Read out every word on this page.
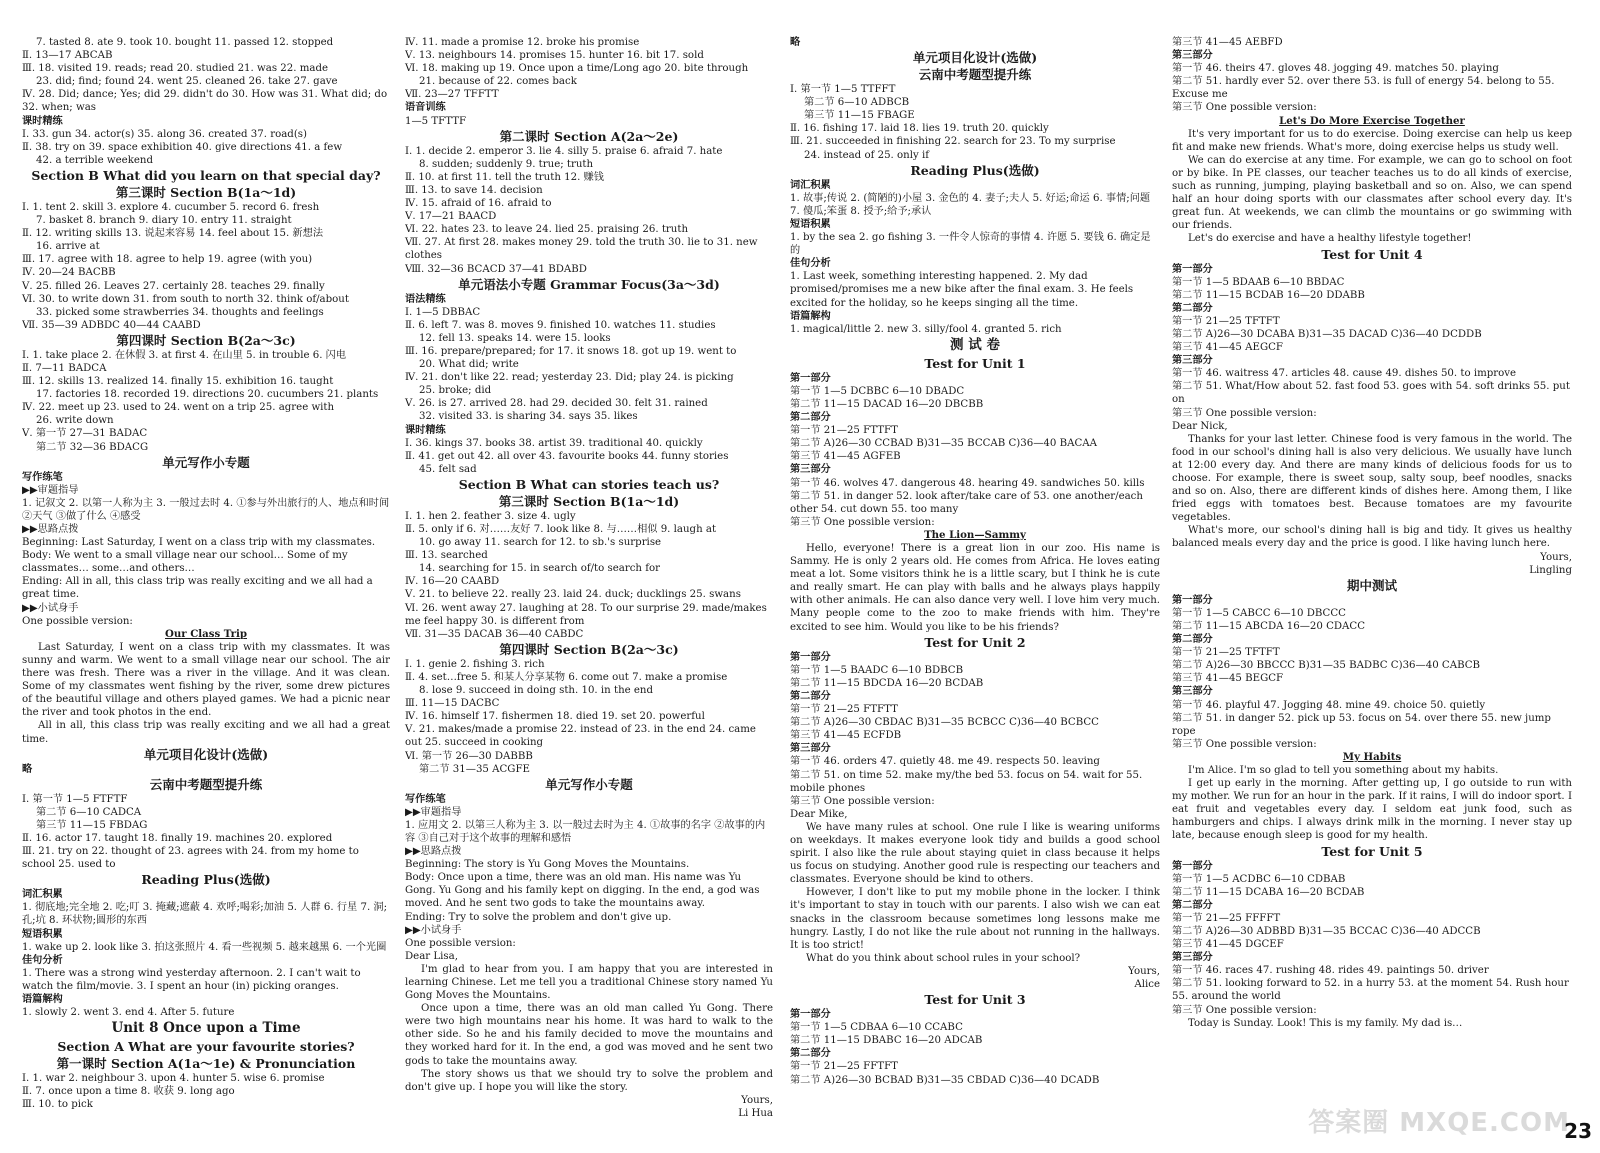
7. tasted 8. ate 9. took 10. bought 11. passed 12. stopped
Ⅱ. 13—17 ABCAB
Ⅲ. 18. visited 19. reads; read 20. studied 21. was 22. made
23. did; find; found 24. went 25. cleaned 26. take 27. gave
Ⅳ. 28. Did; dance; Yes; did 29. didn't do 30. How was 31. What did; do 32. when; was
课时精练
Ⅰ. 33. gun 34. actor(s) 35. along 36. created 37. road(s)
Ⅱ. 38. try on 39. space exhibition 40. give directions 41. a few
42. a terrible weekend
Section B What did you learn on that special day?
第三课时 Section B(1a～1d)
Ⅰ. 1. tent 2. skill 3. explore 4. cucumber 5. record 6. fresh
7. basket 8. branch 9. diary 10. entry 11. straight
Ⅱ. 12. writing skills 13. 说起来容易 14. feel about 15. 新想法
16. arrive at
Ⅲ. 17. agree with 18. agree to help 19. agree (with you)
Ⅳ. 20—24 BACBB
Ⅴ. 25. filled 26. Leaves 27. certainly 28. teaches 29. finally
Ⅵ. 30. to write down 31. from south to north 32. think of/about
33. picked some strawberries 34. thoughts and feelings
Ⅶ. 35—39 ADBDC 40—44 CAABD
第四课时 Section B(2a～3c)
Ⅰ. 1. take place 2. 在休假 3. at first 4. 在山里 5. in trouble 6. 闪电
Ⅱ. 7—11 BADCA
Ⅲ. 12. skills 13. realized 14. finally 15. exhibition 16. taught
17. factories 18. recorded 19. directions 20. cucumbers 21. plants
Ⅳ. 22. meet up 23. used to 24. went on a trip 25. agree with
26. write down
Ⅴ. 第一节 27—31 BADAC
第二节 32—36 BDACG
单元写作小专题
写作练笔
▶▶审题指导
1. 记叙文 2. 以第一人称为主 3. 一般过去时 4. ①参与外出旅行的人、地点和时间 ②天气 ③做了什么 ④感受
▶▶思路点拨
Beginning: Last Saturday, I went on a class trip with my classmates.
Body: We went to a small village near our school… Some of my classmates… some…and others…
Ending: All in all, this class trip was really exciting and we all had a great time.
▶▶小试身手
One possible version:
Our Class Trip
Last Saturday, I went on a class trip with my classmates. It was sunny and warm. We went to a small village near our school. The air there was fresh. There was a river in the village. And it was clean. Some of my classmates went fishing by the river, some drew pictures of the beautiful village and others played games. We had a picnic near the river and took photos in the end.
All in all, this class trip was really exciting and we all had a great time.
单元项目化设计(选做)
略
云南中考题型提升练
Ⅰ. 第一节 1—5 FTFTF
第二节 6—10 CADCA
第三节 11—15 FBDAG
Ⅱ. 16. actor 17. taught 18. finally 19. machines 20. explored
Ⅲ. 21. try on 22. thought of 23. agrees with 24. from my home to school 25. used to
Reading Plus(选做)
词汇积累
1. 彻底地;完全地 2. 吃;叮 3. 掩藏;遮蔽 4. 欢呼;喝彩;加油 5. 人群 6. 行星 7. 洞;孔;坑 8. 环状物;圆形的东西
短语积累
1. wake up 2. look like 3. 拍这张照片 4. 看一些视频 5. 越来越黑 6. 一个光圈
佳句分析
1. There was a strong wind yesterday afternoon. 2. I can't wait to watch the film/movie. 3. I spent an hour (in) picking oranges.
语篇解构
1. slowly 2. went 3. end 4. After 5. future
Unit 8 Once upon a Time
Section A What are your favourite stories?
第一课时 Section A(1a～1e) & Pronunciation
Ⅰ. 1. war 2. neighbour 3. upon 4. hunter 5. wise 6. promise
Ⅱ. 7. once upon a time 8. 收获 9. long ago
Ⅲ. 10. to pick
Ⅳ. 11. made a promise 12. broke his promise
Ⅴ. 13. neighbours 14. promises 15. hunter 16. bit 17. sold
Ⅵ. 18. making up 19. Once upon a time/Long ago 20. bite through
21. because of 22. comes back
Ⅶ. 23—27 TFFTT
语音训练
1—5 TFTTF
第二课时 Section A(2a～2e)
Ⅰ. 1. decide 2. emperor 3. lie 4. silly 5. praise 6. afraid 7. hate
8. sudden; suddenly 9. true; truth
Ⅱ. 10. at first 11. tell the truth 12. 赚钱
Ⅲ. 13. to save 14. decision
Ⅳ. 15. afraid of 16. afraid to
Ⅴ. 17—21 BAACD
Ⅵ. 22. hates 23. to leave 24. lied 25. praising 26. truth
Ⅶ. 27. At first 28. makes money 29. told the truth 30. lie to 31. new clothes
Ⅷ. 32—36 BCACD 37—41 BDABD
单元语法小专题 Grammar Focus(3a～3d)
语法精练
Ⅰ. 1—5 DBBAC
Ⅱ. 6. left 7. was 8. moves 9. finished 10. watches 11. studies
12. fell 13. speaks 14. were 15. looks
Ⅲ. 16. prepare/prepared; for 17. it snows 18. got up 19. went to
20. What did; write
Ⅳ. 21. don't like 22. read; yesterday 23. Did; play 24. is picking
25. broke; did
Ⅴ. 26. is 27. arrived 28. had 29. decided 30. felt 31. rained
32. visited 33. is sharing 34. says 35. likes
课时精练
Ⅰ. 36. kings 37. books 38. artist 39. traditional 40. quickly
Ⅱ. 41. get out 42. all over 43. favourite books 44. funny stories
45. felt sad
Section B What can stories teach us?
第三课时 Section B(1a～1d)
Ⅰ. 1. hen 2. feather 3. size 4. ugly
Ⅱ. 5. only if 6. 对……友好 7. look like 8. 与……相似 9. laugh at
10. go away 11. search for 12. to sb.'s surprise
Ⅲ. 13. searched
14. searching for 15. in search of/to search for
Ⅳ. 16—20 CAABD
Ⅴ. 21. to believe 22. really 23. laid 24. duck; ducklings 25. swans
Ⅵ. 26. went away 27. laughing at 28. To our surprise 29. made/makes me feel happy 30. is different from
Ⅶ. 31—35 DACAB 36—40 CABDC
第四课时 Section B(2a～3c)
Ⅰ. 1. genie 2. fishing 3. rich
Ⅱ. 4. set…free 5. 和某人分享某物 6. come out 7. make a promise
8. lose 9. succeed in doing sth. 10. in the end
Ⅲ. 11—15 DACBC
Ⅳ. 16. himself 17. fishermen 18. died 19. set 20. powerful
Ⅴ. 21. makes/made a promise 22. instead of 23. in the end 24. came out 25. succeed in cooking
Ⅵ. 第一节 26—30 DABBB
第二节 31—35 ACGFE
单元写作小专题
写作练笔
▶▶审题指导
1. 应用文 2. 以第三人称为主 3. 以一般过去时为主 4. ①故事的名字 ②故事的内容 ③自己对于这个故事的理解和感悟
▶▶思路点拨
Beginning: The story is Yu Gong Moves the Mountains.
Body: Once upon a time, there was an old man. His name was Yu Gong. Yu Gong and his family kept on digging. In the end, a god was moved. And he sent two gods to take the mountains away.
Ending: Try to solve the problem and don't give up.
▶▶小试身手
One possible version:
Dear Lisa,
I'm glad to hear from you. I am happy that you are interested in learning Chinese. Let me tell you a traditional Chinese story named Yu Gong Moves the Mountains.
Once upon a time, there was an old man called Yu Gong. There were two high mountains near his home. It was hard to walk to the other side. So he and his family decided to move the mountains and they worked hard for it. In the end, a god was moved and he sent two gods to take the mountains away.
The story shows us that we should try to solve the problem and don't give up. I hope you will like the story.
Yours,
Li Hua
略
单元项目化设计(选做)
云南中考题型提升练
Ⅰ. 第一节 1—5 TTFFT
第二节 6—10 ADBCB
第三节 11—15 FBAGE
Ⅱ. 16. fishing 17. laid 18. lies 19. truth 20. quickly
Ⅲ. 21. succeeded in finishing 22. search for 23. To my surprise
24. instead of 25. only if
Reading Plus(选做)
词汇积累
1. 故事;传说 2. (简陋的)小屋 3. 金色的 4. 妻子;夫人 5. 好运;命运 6. 事情;问题 7. 傻瓜;笨蛋 8. 授予;给予;承认
短语积累
1. by the sea 2. go fishing 3. 一件令人惊奇的事情 4. 许愿 5. 要钱 6. 确定是的
佳句分析
1. Last week, something interesting happened. 2. My dad promised/promises me a new bike after the final exam. 3. He feels excited for the holiday, so he keeps singing all the time.
语篇解构
1. magical/little 2. new 3. silly/fool 4. granted 5. rich
测 试 卷
Test for Unit 1
第一部分
第一节 1—5 DCBBC 6—10 DBADC
第二节 11—15 DACAD 16—20 DBCBB
第二部分
第一节 21—25 FTTFT
第二节 A)26—30 CCBAD B)31—35 BCCAB C)36—40 BACAA
第三节 41—45 AGFEB
第三部分
第一节 46. wolves 47. dangerous 48. hearing 49. sandwiches 50. kills
第二节 51. in danger 52. look after/take care of 53. one another/each other 54. cut down 55. too many
第三节 One possible version:
The Lion—Sammy
Hello, everyone! There is a great lion in our zoo. His name is Sammy. He is only 2 years old. He comes from Africa. He loves eating meat a lot. Some visitors think he is a little scary, but I think he is cute and really smart. He can play with balls and he always plays happily with other animals. He can also dance very well. I love him very much. Many people come to the zoo to make friends with him. They're excited to see him. Would you like to be his friends?
Test for Unit 2
第一部分
第一节 1—5 BAADC 6—10 BDBCB
第二节 11—15 BDCDA 16—20 BCDAB
第二部分
第一节 21—25 FTFTT
第二节 A)26—30 CBDAC B)31—35 BCBCC C)36—40 BCBCC
第三节 41—45 ECFDB
第三部分
第一节 46. orders 47. quietly 48. me 49. respects 50. leaving
第二节 51. on time 52. make my/the bed 53. focus on 54. wait for 55. mobile phones
第三节 One possible version:
Dear Mike,
We have many rules at school. One rule I like is wearing uniforms on weekdays. It makes everyone look tidy and builds a good school spirit. I also like the rule about staying quiet in class because it helps us focus on studying. Another good rule is respecting our teachers and classmates. Everyone should be kind to others.
However, I don't like to put my mobile phone in the locker. I think it's important to stay in touch with our parents. I also wish we can eat snacks in the classroom because sometimes long lessons make me hungry. Lastly, I do not like the rule about not running in the hallways. It is too strict!
What do you think about school rules in your school?
Yours,
Alice
Test for Unit 3
第一部分
第一节 1—5 CDBAA 6—10 CCABC
第二节 11—15 DBABC 16—20 ADCAB
第二部分
第一节 21—25 FFTFT
第二节 A)26—30 BCBAD B)31—35 CBDAD C)36—40 DCADB
第三节 41—45 AEBFD
第三部分
第一节 46. theirs 47. gloves 48. jogging 49. matches 50. playing
第二节 51. hardly ever 52. over there 53. is full of energy 54. belong to 55. Excuse me
第三节 One possible version:
Let's Do More Exercise Together
It's very important for us to do exercise. Doing exercise can help us keep fit and make new friends. What's more, doing exercise helps us study well.
We can do exercise at any time. For example, we can go to school on foot or by bike. In PE classes, our teacher teaches us to do all kinds of exercise, such as running, jumping, playing basketball and so on. Also, we can spend half an hour doing sports with our classmates after school every day. It's great fun. At weekends, we can climb the mountains or go swimming with our friends.
Let's do exercise and have a healthy lifestyle together!
Test for Unit 4
第一部分
第一节 1—5 BDAAB 6—10 BBDAC
第二节 11—15 BCDAB 16—20 DDABB
第二部分
第一节 21—25 TFTFT
第二节 A)26—30 DCABA B)31—35 DACAD C)36—40 DCDDB
第三节 41—45 AEGCF
第三部分
第一节 46. waitress 47. articles 48. cause 49. dishes 50. to improve
第二节 51. What/How about 52. fast food 53. goes with 54. soft drinks 55. put on
第三节 One possible version:
Dear Nick,
Thanks for your last letter. Chinese food is very famous in the world. The food in our school's dining hall is also very delicious. We usually have lunch at 12:00 every day. And there are many kinds of delicious foods for us to choose. For example, there is sweet soup, salty soup, beef noodles, snacks and so on. Also, there are different kinds of dishes here. Among them, I like fried eggs with tomatoes best. Because tomatoes are my favourite vegetables.
What's more, our school's dining hall is big and tidy. It gives us healthy balanced meals every day and the price is good. I like having lunch here.
Yours,
Lingling
期中测试
第一部分
第一节 1—5 CABCC 6—10 DBCCC
第二节 11—15 ABCDA 16—20 CDACC
第二部分
第一节 21—25 TFTFT
第二节 A)26—30 BBCCC B)31—35 BADBC C)36—40 CABCB
第三节 41—45 BEGCF
第三部分
第一节 46. playful 47. Jogging 48. mine 49. choice 50. quietly
第二节 51. in danger 52. pick up 53. focus on 54. over there 55. new jump rope
第三节 One possible version:
My Habits
I'm Alice. I'm so glad to tell you something about my habits.
I get up early in the morning. After getting up, I go outside to run with my mother. We run for an hour in the park. If it rains, I will do indoor sport. I eat fruit and vegetables every day. I seldom eat junk food, such as hamburgers and chips. I always drink milk in the morning. I never stay up late, because enough sleep is good for my health.
Test for Unit 5
第一部分
第一节 1—5 ACDBC 6—10 CDBAB
第二节 11—15 DCABA 16—20 BCDAB
第二部分
第一节 21—25 FFFFT
第二节 A)26—30 ADBBD B)31—35 BCCAC C)36—40 ADCCB
第三节 41—45 DGCEF
第三部分
第一节 46. races 47. rushing 48. rides 49. paintings 50. driver
第二节 51. looking forward to 52. in a hurry 53. at the moment 54. Rush hour 55. around the world
第三节 One possible version:
Today is Sunday. Look! This is my family. My dad is…
答案圈 MXQE.COM
23
